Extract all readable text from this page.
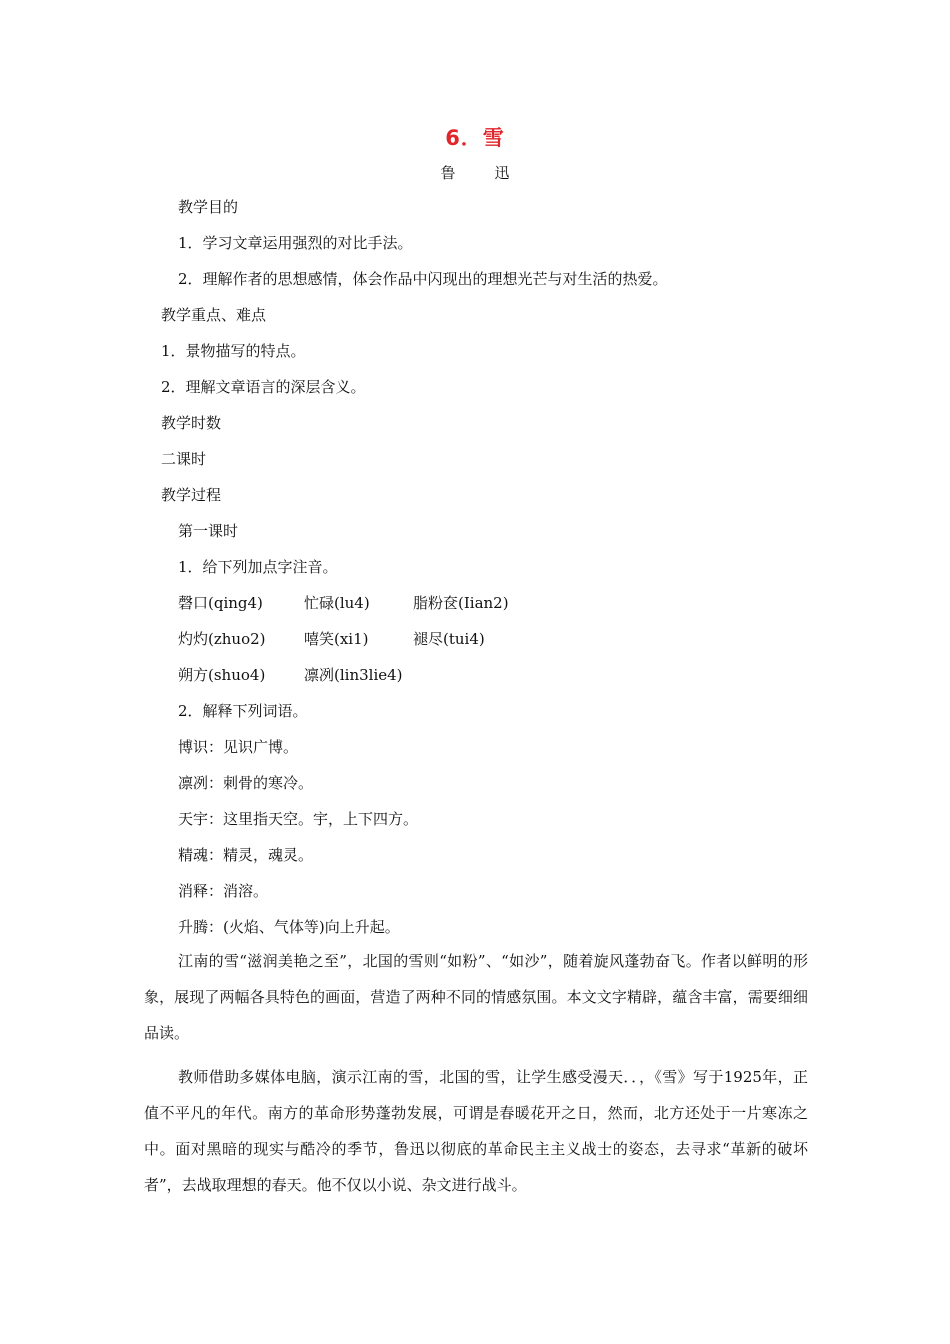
6．雪
鲁　迅
教学目的
1．学习文章运用强烈的对比手法。
2．理解作者的思想感情，体会作品中闪现出的理想光芒与对生活的热爱。
教学重点、难点
1．景物描写的特点。
2．理解文章语言的深层含义。
教学时数
二课时
教学过程
第一课时
1．给下列加点字注音。
磬口(qing4)	忙碌(lu4)	脂粉奁(Iian2)
灼灼(zhuo2)	嘻笑(xi1)	褪尽(tui4)
朔方(shuo4)	凛冽(lin3lie4)
2．解释下列词语。
博识：见识广博。
凛冽：刺骨的寒冷。
天宇：这里指天空。宇，上下四方。
精魂：精灵，魂灵。
消释：消溶。
升腾：(火焰、气体等)向上升起。
江南的雪“滋润美艳之至”，北国的雪则“如粉”、“如沙”，随着旋风蓬勃奋飞。作者以鲜明的形象，展现了两幅各具特色的画面，营造了两种不同的情感氛围。本文文字精辟，蕴含丰富，需要细细品读。
教师借助多媒体电脑，演示江南的雪，北国的雪，让学生感受漫天．．，《雪》写于1925年，正值不平凡的年代。南方的革命形势蓬勃发展，可谓是春暖花开之日，然而，北方还处于一片寒冻之中。面对黑暗的现实与酷冷的季节，鲁迅以彻底的革命民主主义战士的姿态，去寻求“革新的破坏者”，去战取理想的春天。他不仅以小说、杂文进行战斗。
